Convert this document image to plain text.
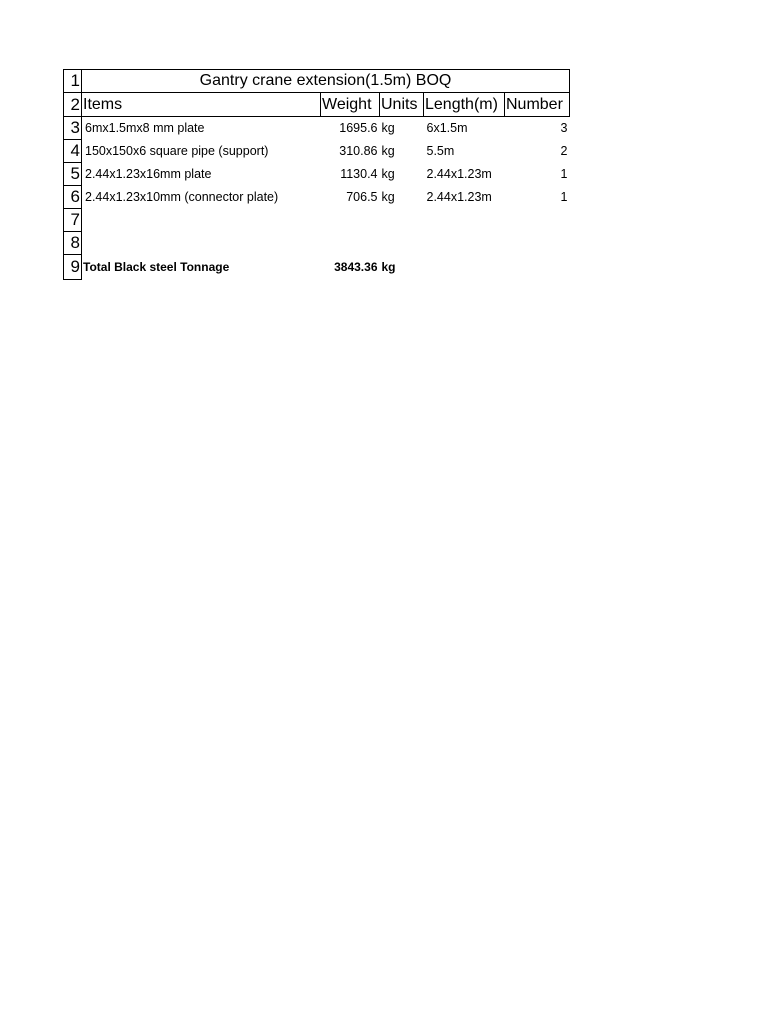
1	Gantry crane extension(1.5m) BOQ				
2	Items	Weight	Units	Length(m)	Number
3	6mx1.5mx8 mm plate	1695.6	kg	6x1.5m	3
4	150x150x6 square pipe (support)	310.86	kg	5.5m	2
5	2.44x1.23x16mm plate	1130.4	kg	2.44x1.23m	1
6	2.44x1.23x10mm (connector plate)	706.5	kg	2.44x1.23m	1
7					
8					
9	Total Black steel Tonnage	3843.36	kg		
